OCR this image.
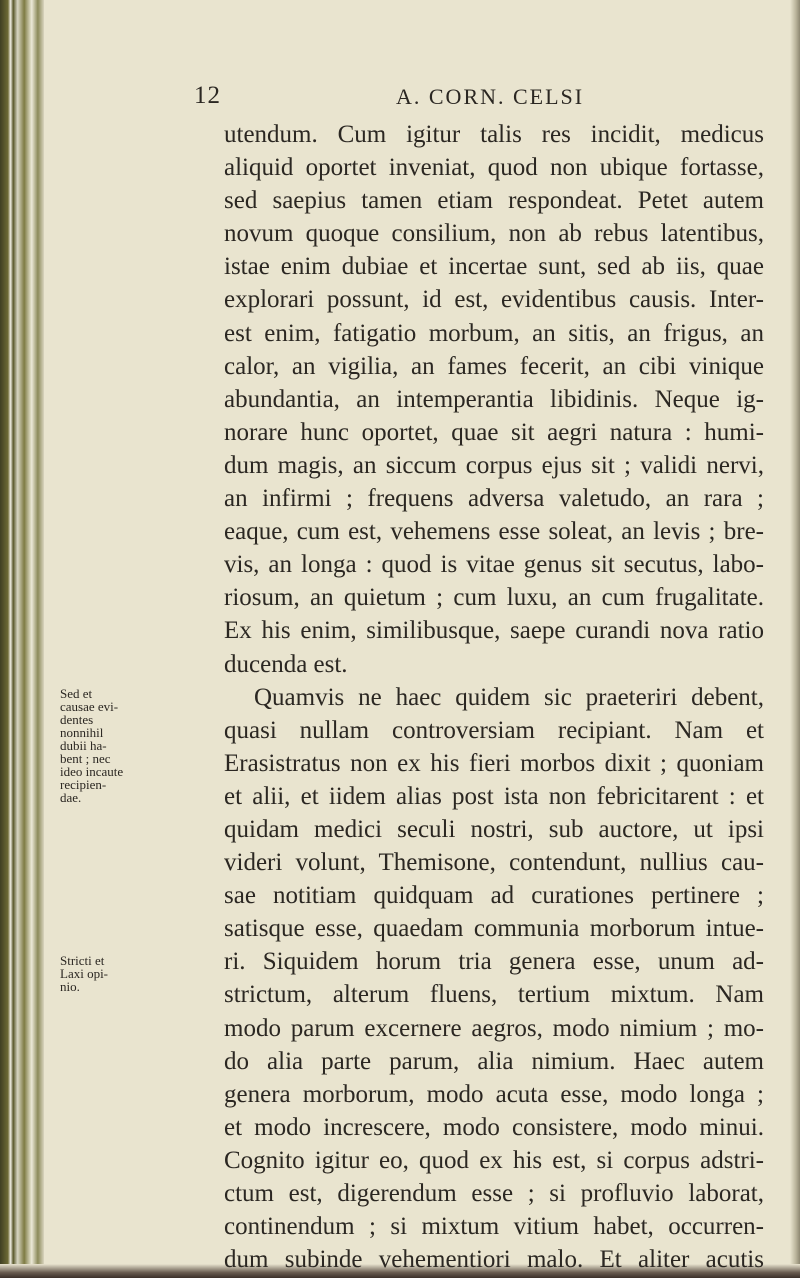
12	A. CORN. CELSI
utendum. Cum igitur talis res incidit, medicus
aliquid oportet inveniat, quod non ubique fortasse,
sed saepius tamen etiam respondeat. Petet autem
novum quoque consilium, non ab rebus latentibus,
istae enim dubiae et incertae sunt, sed ab iis, quae
explorari possunt, id est, evidentibus causis. Inter-
est enim, fatigatio morbum, an sitis, an frigus, an
calor, an vigilia, an fames fecerit, an cibi vinique
abundantia, an intemperantia libidinis. Neque ig-
norare hunc oportet, quae sit aegri natura : humi-
dum magis, an siccum corpus ejus sit ; validi nervi,
an infirmi ; frequens adversa valetudo, an rara ;
eaque, cum est, vehemens esse soleat, an levis ; bre-
vis, an longa : quod is vitae genus sit secutus, labo-
riosum, an quietum ; cum luxu, an cum frugalitate.
Ex his enim, similibusque, saepe curandi nova ratio
ducenda est.
Quamvis ne haec quidem sic praeteriri debent,
quasi nullam controversiam recipiant. Nam et
Erasistratus non ex his fieri morbos dixit ; quoniam
et alii, et iidem alias post ista non febricitarent : et
quidam medici seculi nostri, sub auctore, ut ipsi
videri volunt, Themisone, contendunt, nullius cau-
sae notitiam quidquam ad curationes pertinere ;
satisque esse, quaedam communia morborum intue-
ri. Siquidem horum tria genera esse, unum ad-
strictum, alterum fluens, tertium mixtum. Nam
modo parum excernere aegros, modo nimium ; mo-
do alia parte parum, alia nimium. Haec autem
genera morborum, modo acuta esse, modo longa ;
et modo increscere, modo consistere, modo minui.
Cognito igitur eo, quod ex his est, si corpus adstri-
ctum est, digerendum esse ; si profluvio laborat,
continendum ; si mixtum vitium habet, occurren-
dum subinde vehementiori malo. Et aliter acutis
Sed et
causae evi-
dentes
nonnihil
dubii ha-
bent ; nec
ideo incaute
recipien-
dae.
Stricti et
Laxi opi-
nio.
